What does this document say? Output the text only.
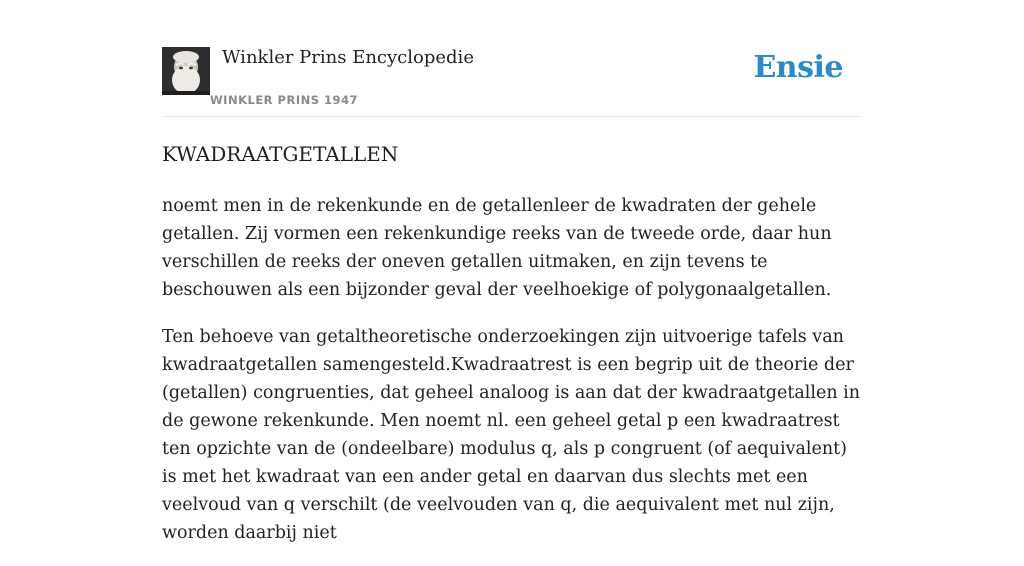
Winkler Prins Encyclopedie
WINKLER PRINS 1947
Ensie
KWADRAATGETALLEN

noemt men in de rekenkunde en de getallenleer de kwadraten der gehele getallen. Zij vormen een rekenkundige reeks van de tweede orde, daar hun verschillen de reeks der oneven getallen uitmaken, en zijn tevens te beschouwen als een bijzonder geval der veelhoekige of polygonaalgetallen.

Ten behoeve van getaltheoretische onderzoekingen zijn uitvoerige tafels van kwadraatgetallen samengesteld.Kwadraatrest is een begrip uit de theorie der (getallen) congruenties, dat geheel analoog is aan dat der kwadraatgetallen in de gewone rekenkunde. Men noemt nl. een geheel getal p een kwadraatrest ten opzichte van de (ondeelbare) modulus q, als p congruent (of aequivalent) is met het kwadraat van een ander getal en daarvan dus slechts met een veelvoud van q verschilt (de veelvouden van q, die aequivalent met nul zijn, worden daarbij niet
